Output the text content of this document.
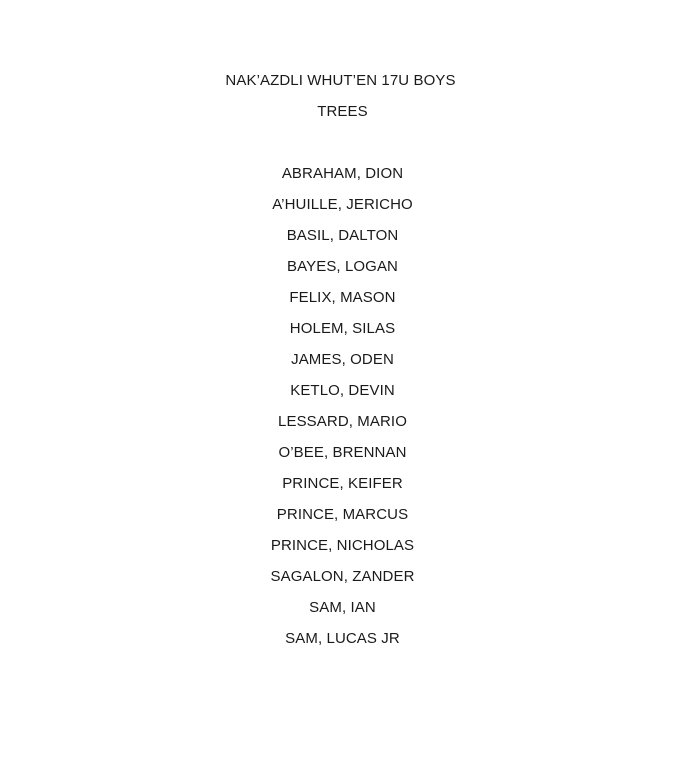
NAK’AZDLI WHUT’EN 17U BOYS
TREES
ABRAHAM, DION
A’HUILLE, JERICHO
BASIL, DALTON
BAYES, LOGAN
FELIX, MASON
HOLEM, SILAS
JAMES, ODEN
KETLO, DEVIN
LESSARD, MARIO
O’BEE, BRENNAN
PRINCE, KEIFER
PRINCE, MARCUS
PRINCE, NICHOLAS
SAGALON, ZANDER
SAM, IAN
SAM, LUCAS JR
